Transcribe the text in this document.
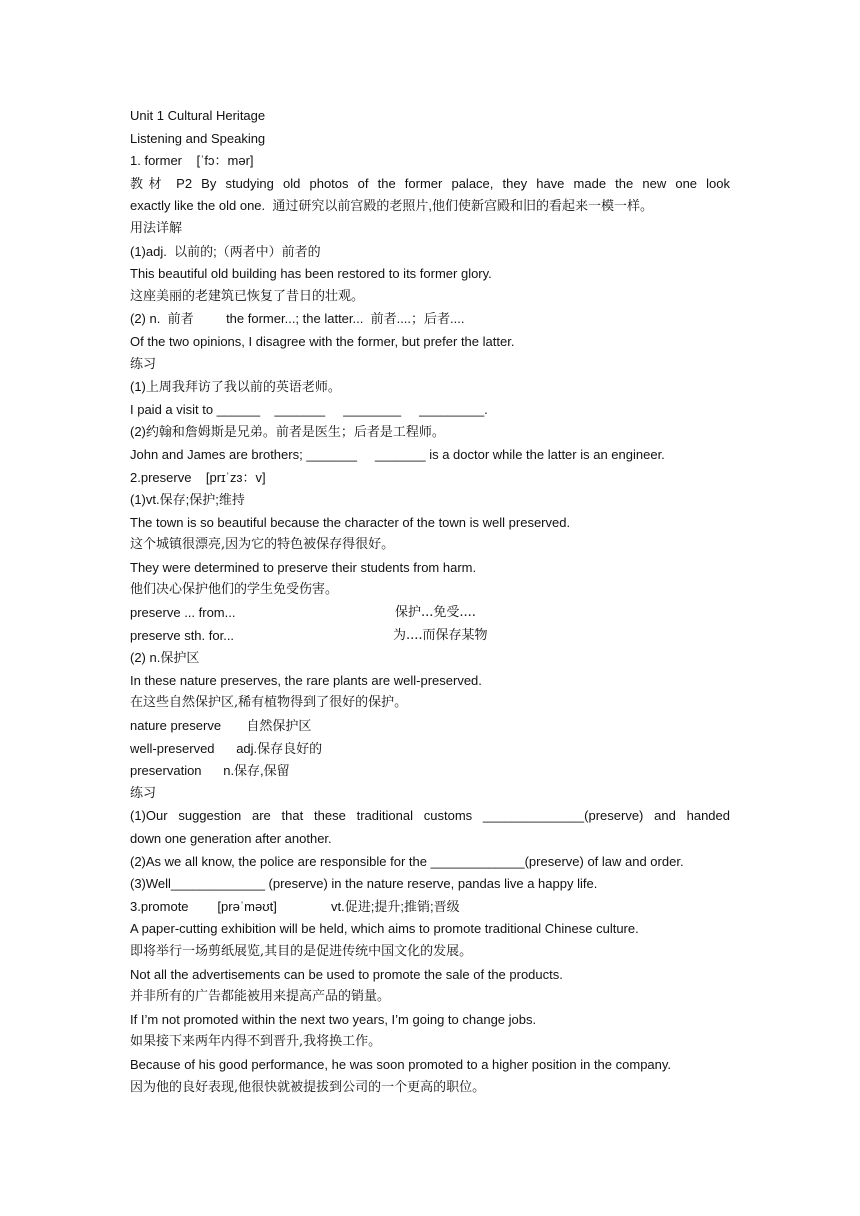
Unit 1 Cultural Heritage
Listening and Speaking
1. former    [ˈfɔ：mər]
教材 P2 By studying old photos of the former palace, they have made the new one look
exactly like the old one.  通过研究以前宫殿的老照片,他们使新宫殿和旧的看起来一模一样。
用法详解
(1)adj.  以前的;（两者中）前者的
This beautiful old building has been restored to its former glory.
这座美丽的老建筑已恢复了昔日的壮观。
(2) n.  前者         the former...; the latter...  前者....；后者....
Of the two opinions, I disagree with the former, but prefer the latter.
练习
(1)上周我拜访了我以前的英语老师。
I paid a visit to ______    _______     ________     _________.
(2)约翰和詹姆斯是兄弟。前者是医生；后者是工程师。
John and James are brothers; _______     _______ is a doctor while the latter is an engineer.
2.preserve    [prɪˈzɜ：v]
(1)vt.保存;保护;维持
The town is so beautiful because the character of the town is well preserved.
这个城镇很漂亮,因为它的特色被保存得很好。
They were determined to preserve their students from harm.
他们决心保护他们的学生免受伤害。
preserve ... from...	保护...免受....
preserve sth. for...	为....而保存某物
(2) n.保护区
In these nature preserves, the rare plants are well-preserved.
在这些自然保护区,稀有植物得到了很好的保护。
nature preserve       自然保护区
well-preserved      adj.保存良好的
preservation      n.保存,保留
练习
(1)Our suggestion are that these traditional customs ______________(preserve) and handed
down one generation after another.
(2)As we all know, the police are responsible for the _____________(preserve) of law and order.
(3)Well_____________ (preserve) in the nature reserve, pandas live a happy life.
3.promote        [prəˈməʊt]               vt.促进;提升;推销;晋级
A paper-cutting exhibition will be held, which aims to promote traditional Chinese culture.
即将举行一场剪纸展览,其目的是促进传统中国文化的发展。
Not all the advertisements can be used to promote the sale of the products.
并非所有的广告都能被用来提高产品的销量。
If I’m not promoted within the next two years, I’m going to change jobs.
如果接下来两年内得不到晋升,我将换工作。
Because of his good performance, he was soon promoted to a higher position in the company.
因为他的良好表现,他很快就被提拔到公司的一个更高的职位。
